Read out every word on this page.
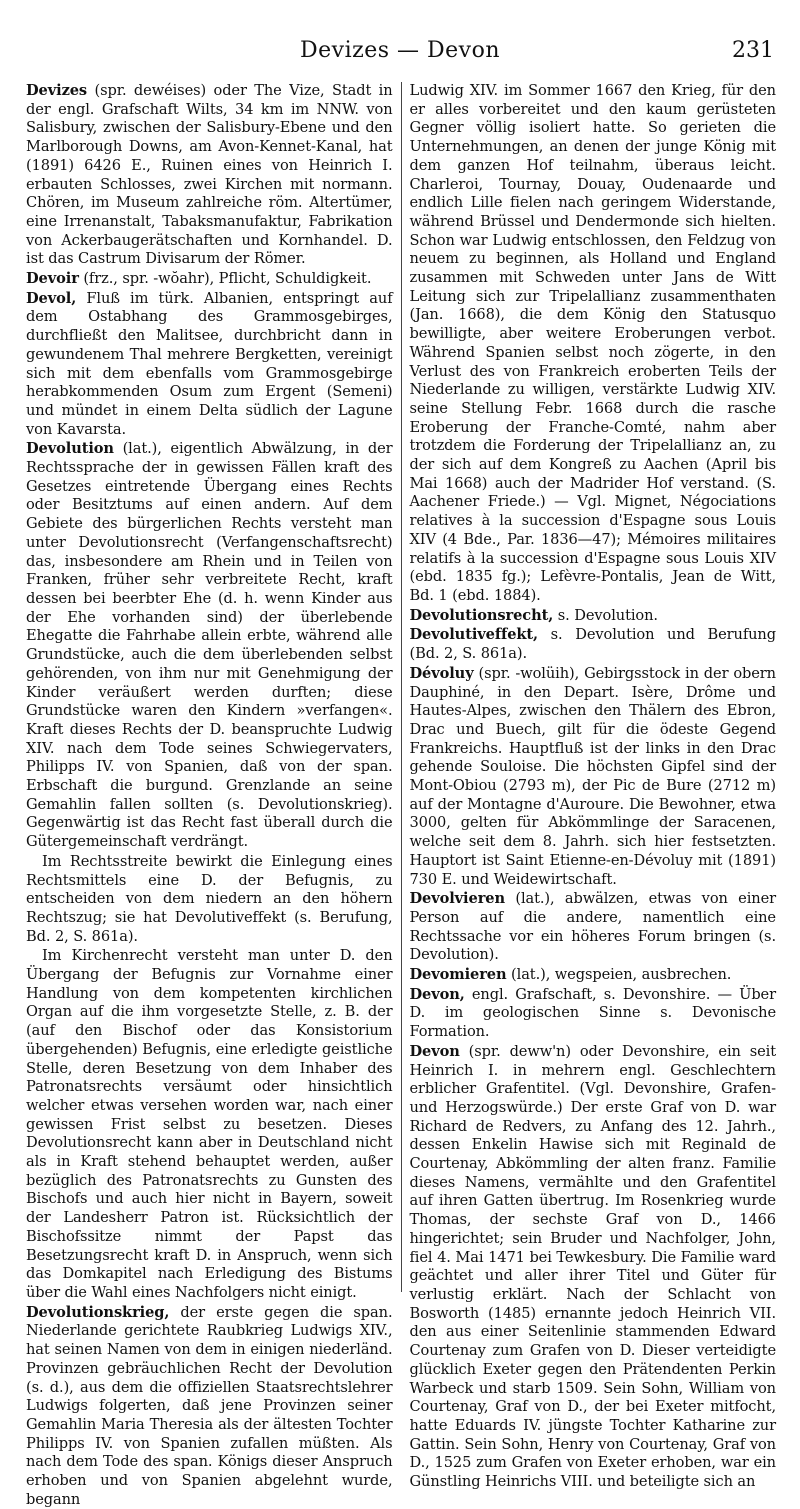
Devizes — Devon	231

Devizes (spr. dewéises) oder The Vize, Stadt in der engl. Grafschaft Wilts, 34 km im NNW. von Salisbury, zwischen der Salisbury-Ebene und den Marlborough Downs, am Avon-Kennet-Kanal, hat (1891) 6426 E., Ruinen eines von Heinrich I. erbauten Schlosses, zwei Kirchen mit normann. Chören, im Museum zahlreiche röm. Altertümer, eine Irrenanstalt, Tabaksmanufaktur, Fabrikation von Ackerbaugerätschaften und Kornhandel. D. ist das Castrum Divisarum der Römer.

Devoir (frz., spr. -wŏahr), Pflicht, Schuldigkeit.

Devol, Fluß im türk. Albanien, entspringt auf dem Ostabhang des Grammosgebirges, durchfließt den Malitsee, durchbricht dann in gewundenem Thal mehrere Bergketten, vereinigt sich mit dem ebenfalls vom Grammosgebirge herabkommenden Osum zum Ergent (Semeni) und mündet in einem Delta südlich der Lagune von Kavarsta.

Devolution (lat.), eigentlich Abwälzung, in der Rechtssprache der in gewissen Fällen kraft des Gesetzes eintretende Übergang eines Rechts oder Besitztums auf einen andern. Auf dem Gebiete des bürgerlichen Rechts versteht man unter Devolutionsrecht (Verfangenschaftsrecht) das, insbesondere am Rhein und in Teilen von Franken, früher sehr verbreitete Recht, kraft dessen bei beerbter Ehe (d. h. wenn Kinder aus der Ehe vorhanden sind) der überlebende Ehegatte die Fahrhabe allein erbte, während alle Grundstücke, auch die dem überlebenden selbst gehörenden, von ihm nur mit Genehmigung der Kinder veräußert werden durften; diese Grundstücke waren den Kindern »verfangen«. Kraft dieses Rechts der D. beanspruchte Ludwig XIV. nach dem Tode seines Schwiegervaters, Philipps IV. von Spanien, daß von der span. Erbschaft die burgund. Grenzlande an seine Gemahlin fallen sollten (s. Devolutionskrieg). Gegenwärtig ist das Recht fast überall durch die Gütergemeinschaft verdrängt.

Im Rechtsstreite bewirkt die Einlegung eines Rechtsmittels eine D. der Befugnis, zu entscheiden von dem niedern an den höhern Rechtszug; sie hat Devolutiveffekt (s. Berufung, Bd. 2, S. 861a).

Im Kirchenrecht versteht man unter D. den Übergang der Befugnis zur Vornahme einer Handlung von dem kompetenten kirchlichen Organ auf die ihm vorgesetzte Stelle, z. B. der (auf den Bischof oder das Konsistorium übergehenden) Befugnis, eine erledigte geistliche Stelle, deren Besetzung von dem Inhaber des Patronatsrechts versäumt oder hinsichtlich welcher etwas versehen worden war, nach einer gewissen Frist selbst zu besetzen. Dieses Devolutionsrecht kann aber in Deutschland nicht als in Kraft stehend behauptet werden, außer bezüglich des Patronatsrechts zu Gunsten des Bischofs und auch hier nicht in Bayern, soweit der Landesherr Patron ist. Rücksichtlich der Bischofssitze nimmt der Papst das Besetzungsrecht kraft D. in Anspruch, wenn sich das Domkapitel nach Erledigung des Bistums über die Wahl eines Nachfolgers nicht einigt.

Devolutionskrieg, der erste gegen die span. Niederlande gerichtete Raubkrieg Ludwigs XIV., hat seinen Namen von dem in einigen niederländ. Provinzen gebräuchlichen Recht der Devolution (s. d.), aus dem die offiziellen Staatsrechtslehrer Ludwigs folgerten, daß jene Provinzen seiner Gemahlin Maria Theresia als der ältesten Tochter Philipps IV. von Spanien zufallen müßten. Als nach dem Tode des span. Königs dieser Anspruch erhoben und von Spanien abgelehnt wurde, begann

Ludwig XIV. im Sommer 1667 den Krieg, für den er alles vorbereitet und den kaum gerüsteten Gegner völlig isoliert hatte. So gerieten die Unternehmungen, an denen der junge König mit dem ganzen Hof teilnahm, überaus leicht. Charleroi, Tournay, Douay, Oudenaarde und endlich Lille fielen nach geringem Widerstande, während Brüssel und Dendermonde sich hielten. Schon war Ludwig entschlossen, den Feldzug von neuem zu beginnen, als Holland und England zusammen mit Schweden unter Jans de Witt Leitung sich zur Tripelallianz zusammenthaten (Jan. 1668), die dem König den Statusquo bewilligte, aber weitere Eroberungen verbot. Während Spanien selbst noch zögerte, in den Verlust des von Frankreich eroberten Teils der Niederlande zu willigen, verstärkte Ludwig XIV. seine Stellung Febr. 1668 durch die rasche Eroberung der Franche-Comté, nahm aber trotzdem die Forderung der Tripelallianz an, zu der sich auf dem Kongreß zu Aachen (April bis Mai 1668) auch der Madrider Hof verstand. (S. Aachener Friede.) — Vgl. Mignet, Négociations relatives à la succession d'Espagne sous Louis XIV (4 Bde., Par. 1836—47); Mémoires militaires relatifs à la succession d'Espagne sous Louis XIV (ebd. 1835 fg.); Lefèvre-Pontalis, Jean de Witt, Bd. 1 (ebd. 1884).

Devolutionsrecht, s. Devolution.

Devolutiveffekt, s. Devolution und Berufung (Bd. 2, S. 861a).

Dévoluy (spr. -wolüih), Gebirgsstock in der obern Dauphiné, in den Depart. Isère, Drôme und Hautes-Alpes, zwischen den Thälern des Ebron, Drac und Buech, gilt für die ödeste Gegend Frankreichs. Hauptfluß ist der links in den Drac gehende Souloise. Die höchsten Gipfel sind der Mont-Obiou (2793 m), der Pic de Bure (2712 m) auf der Montagne d'Auroure. Die Bewohner, etwa 3000, gelten für Abkömmlinge der Saracenen, welche seit dem 8. Jahrh. sich hier festsetzten. Hauptort ist Saint Etienne-en-Dévoluy mit (1891) 730 E. und Weidewirtschaft.

Devolvieren (lat.), abwälzen, etwas von einer Person auf die andere, namentlich eine Rechtssache vor ein höheres Forum bringen (s. Devolution).

Devomieren (lat.), wegspeien, ausbrechen.

Devon, engl. Grafschaft, s. Devonshire. — Über D. im geologischen Sinne s. Devonische Formation.

Devon (spr. deww'n) oder Devonshire, ein seit Heinrich I. in mehrern engl. Geschlechtern erblicher Grafentitel. (Vgl. Devonshire, Grafen- und Herzogswürde.) Der erste Graf von D. war Richard de Redvers, zu Anfang des 12. Jahrh., dessen Enkelin Hawise sich mit Reginald de Courtenay, Abkömmling der alten franz. Familie dieses Namens, vermählte und den Grafentitel auf ihren Gatten übertrug. Im Rosenkrieg wurde Thomas, der sechste Graf von D., 1466 hingerichtet; sein Bruder und Nachfolger, John, fiel 4. Mai 1471 bei Tewkesbury. Die Familie ward geächtet und aller ihrer Titel und Güter für verlustig erklärt. Nach der Schlacht von Bosworth (1485) ernannte jedoch Heinrich VII. den aus einer Seitenlinie stammenden Edward Courtenay zum Grafen von D. Dieser verteidigte glücklich Exeter gegen den Prätendenten Perkin Warbeck und starb 1509. Sein Sohn, William von Courtenay, Graf von D., der bei Exeter mitfocht, hatte Eduards IV. jüngste Tochter Katharine zur Gattin. Sein Sohn, Henry von Courtenay, Graf von D., 1525 zum Grafen von Exeter erhoben, war ein Günstling Heinrichs VIII. und beteiligte sich an
